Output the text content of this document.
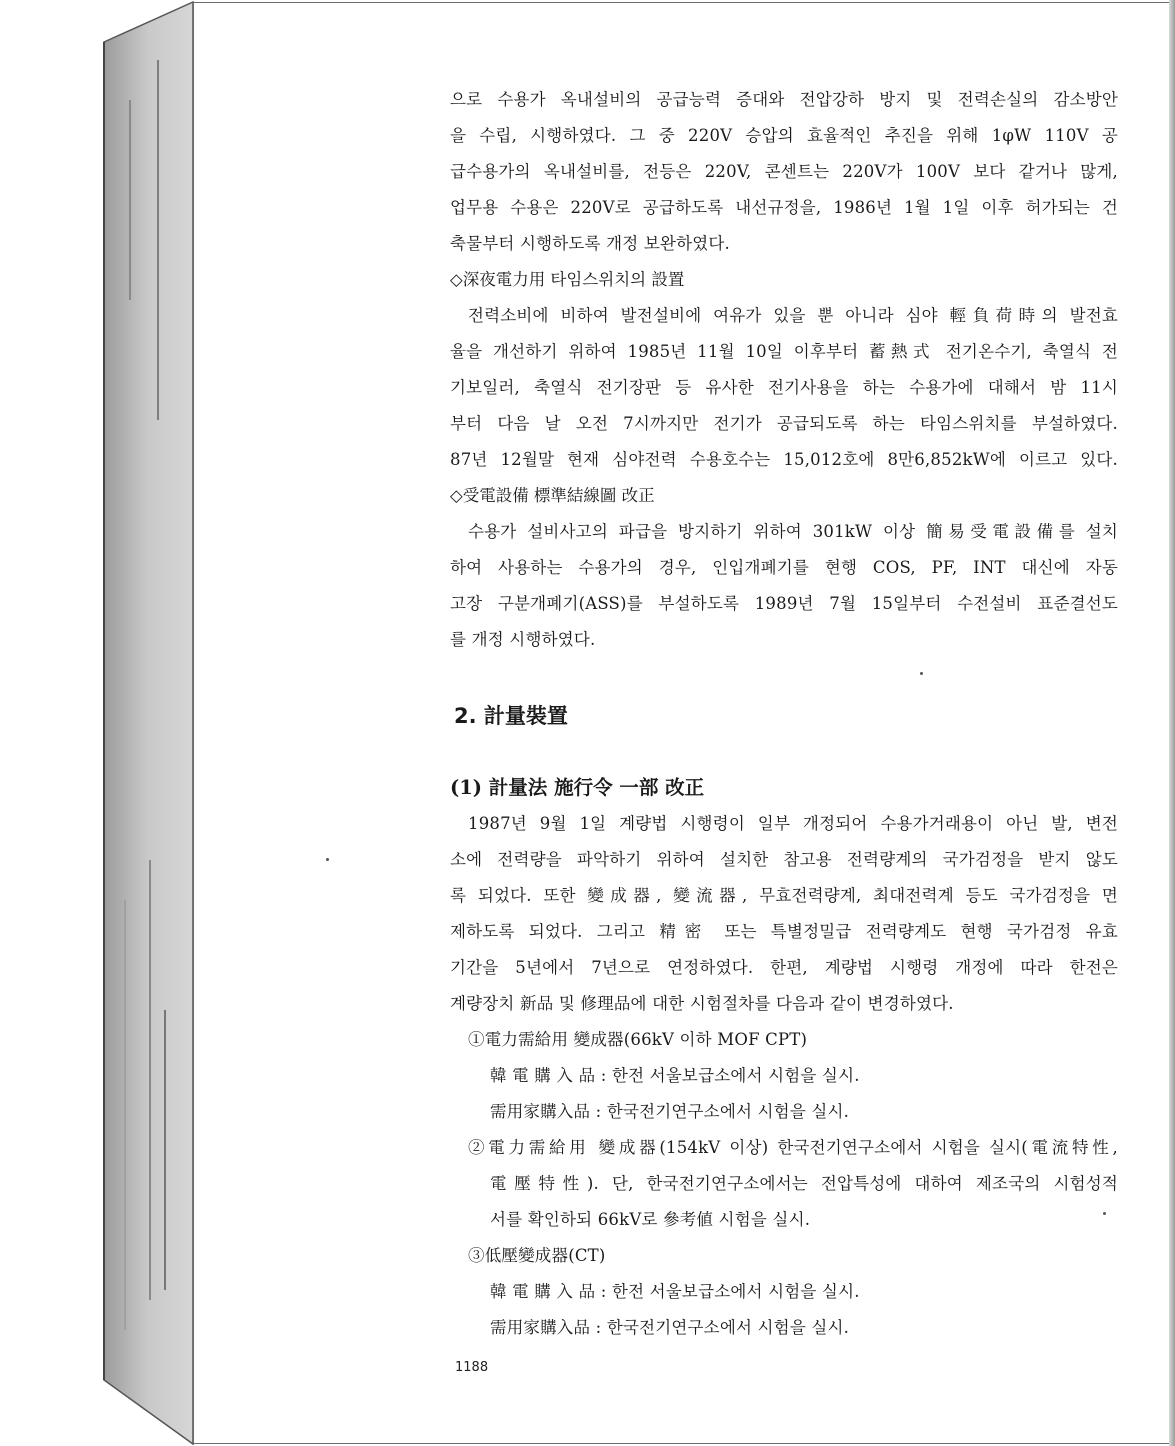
으로 수용가 옥내설비의 공급능력 증대와 전압강하 방지 및 전력손실의 감소방안
을 수립, 시행하였다. 그 중 220V 승압의 효율적인 추진을 위해 1φW 110V 공
급수용가의 옥내설비를, 전등은 220V, 콘센트는 220V가 100V 보다 같거나 많게,
업무용 수용은 220V로 공급하도록 내선규정을, 1986년 1월 1일 이후 허가되는 건
축물부터 시행하도록 개정 보완하였다.
◇深夜電力用 타임스위치의 設置
전력소비에 비하여 발전설비에 여유가 있을 뿐 아니라 심야 輕負荷時의 발전효
율을 개선하기 위하여 1985년 11월 10일 이후부터 蓄熱式 전기온수기, 축열식 전
기보일러, 축열식 전기장판 등 유사한 전기사용을 하는 수용가에 대해서 밤 11시
부터 다음 날 오전 7시까지만 전기가 공급되도록 하는 타임스위치를 부설하였다.
87년 12월말 현재 심야전력 수용호수는 15,012호에 8만6,852kW에 이르고 있다.
◇受電設備 標準結線圖 改正
수용가 설비사고의 파급을 방지하기 위하여 301kW 이상 簡易受電設備를 설치
하여 사용하는 수용가의 경우, 인입개폐기를 현행 COS, PF, INT 대신에 자동
고장 구분개폐기(ASS)를 부설하도록 1989년 7월 15일부터 수전설비 표준결선도
를 개정 시행하였다.
2. 計量裝置
(1) 計量法 施行令 一部 改正
1987년 9월 1일 계량법 시행령이 일부 개정되어 수용가거래용이 아닌 발, 변전
소에 전력량을 파악하기 위하여 설치한 참고용 전력량계의 국가검정을 받지 않도
록 되었다. 또한 變成器, 變流器, 무효전력량계, 최대전력계 등도 국가검정을 면
제하도록 되었다. 그리고 精密 또는 특별정밀급 전력량계도 현행 국가검정 유효
기간을 5년에서 7년으로 연정하였다. 한편, 계량법 시행령 개정에 따라 한전은
계량장치 新品 및 修理品에 대한 시험절차를 다음과 같이 변경하였다.
①電力需給用 變成器(66kV 이하 MOF CPT)
韓 電 購 入 品 : 한전 서울보급소에서 시험을 실시.
需用家購入品 : 한국전기연구소에서 시험을 실시.
②電力需給用 變成器(154kV 이상) 한국전기연구소에서 시험을 실시(電流特性,
電壓特性). 단, 한국전기연구소에서는 전압특성에 대하여 제조국의 시험성적
서를 확인하되 66kV로 參考値 시험을 실시.
③低壓變成器(CT)
韓 電 購 入 品 : 한전 서울보급소에서 시험을 실시.
需用家購入品 : 한국전기연구소에서 시험을 실시.
1188
